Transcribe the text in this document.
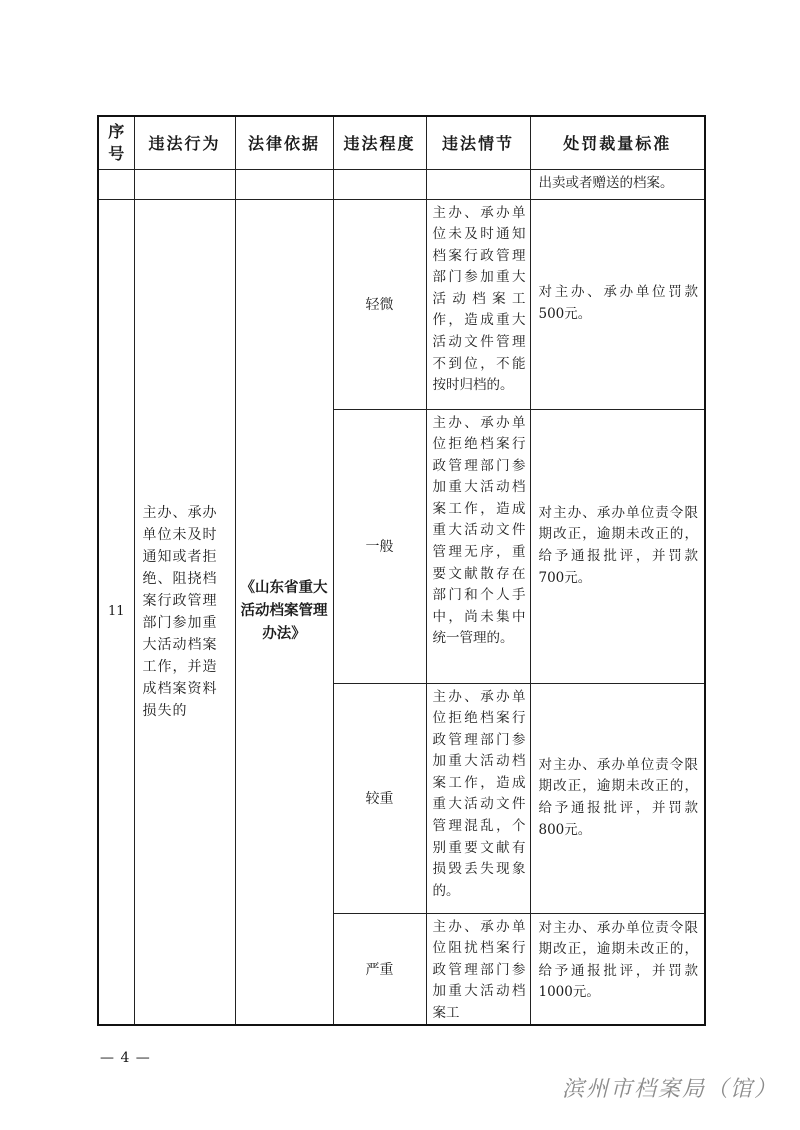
序号	违法行为	法律依据	违法程度	违法情节	处罚裁量标准
					出卖或者赠送的档案。
11	主办、承办单位未及时通知或者拒绝、阻挠档案行政管理部门参加重大活动档案工作，并造成档案资料损失的	《山东省重大活动档案管理办法》	轻微	主办、承办单位未及时通知档案行政管理部门参加重大活动档案工作，造成重大活动文件管理不到位，不能按时归档的。	对主办、承办单位罚款500元。
			一般	主办、承办单位拒绝档案行政管理部门参加重大活动档案工作，造成重大活动文件管理无序，重要文献散存在部门和个人手中，尚未集中统一管理的。	对主办、承办单位责令限期改正，逾期未改正的，给予通报批评，并罚款700元。
			较重	主办、承办单位拒绝档案行政管理部门参加重大活动档案工作，造成重大活动文件管理混乱，个别重要文献有损毁丢失现象的。	对主办、承办单位责令限期改正，逾期未改正的，给予通报批评，并罚款800元。
			严重	主办、承办单位阻扰档案行政管理部门参加重大活动档案工	对主办、承办单位责令限期改正，逾期未改正的，给予通报批评，并罚款1000元。
— 4 —
滨州市档案局（馆）
